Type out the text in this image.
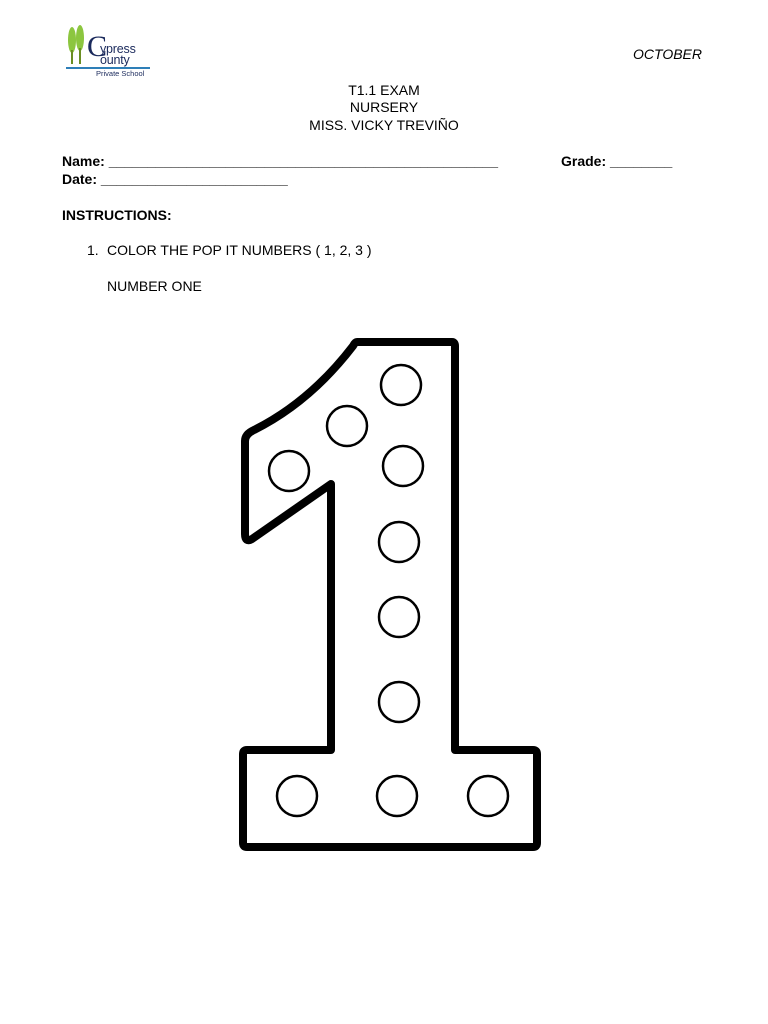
C
ypress
ounty
Private School
OCTOBER
T1.1 EXAM
NURSERY
MISS. VICKY TREVIÑO
Name: __________________________________________________	Grade: ________
Date: ________________________
INSTRUCTIONS:
1. COLOR THE POP IT NUMBERS ( 1, 2, 3 )
NUMBER ONE
